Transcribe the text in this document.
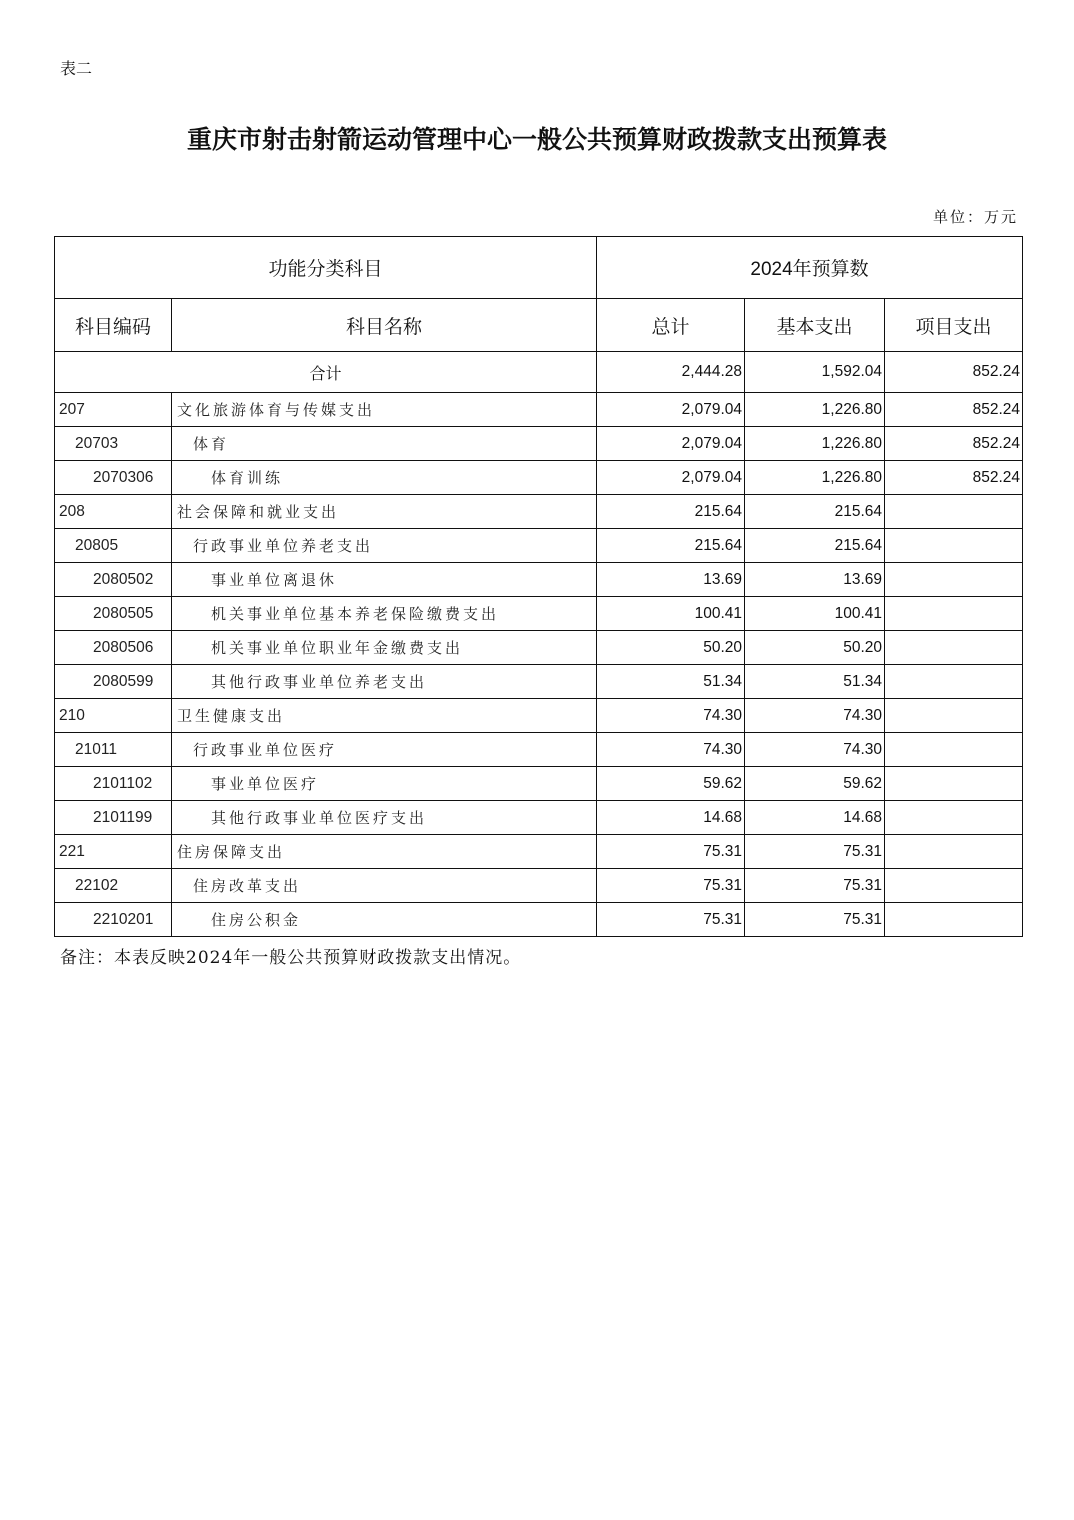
表二
重庆市射击射箭运动管理中心一般公共预算财政拨款支出预算表
单位：万元
功能分类科目		2024年预算数		
科目编码	科目名称	总计	基本支出	项目支出
合计		2,444.28	1,592.04	852.24
207	文化旅游体育与传媒支出	2,079.04	1,226.80	852.24
20703	体育	2,079.04	1,226.80	852.24
2070306	体育训练	2,079.04	1,226.80	852.24
208	社会保障和就业支出	215.64	215.64	
20805	行政事业单位养老支出	215.64	215.64	
2080502	事业单位离退休	13.69	13.69	
2080505	机关事业单位基本养老保险缴费支出	100.41	100.41	
2080506	机关事业单位职业年金缴费支出	50.20	50.20	
2080599	其他行政事业单位养老支出	51.34	51.34	
210	卫生健康支出	74.30	74.30	
21011	行政事业单位医疗	74.30	74.30	
2101102	事业单位医疗	59.62	59.62	
2101199	其他行政事业单位医疗支出	14.68	14.68	
221	住房保障支出	75.31	75.31	
22102	住房改革支出	75.31	75.31	
2210201	住房公积金	75.31	75.31	
备注：本表反映2024年一般公共预算财政拨款支出情况。
